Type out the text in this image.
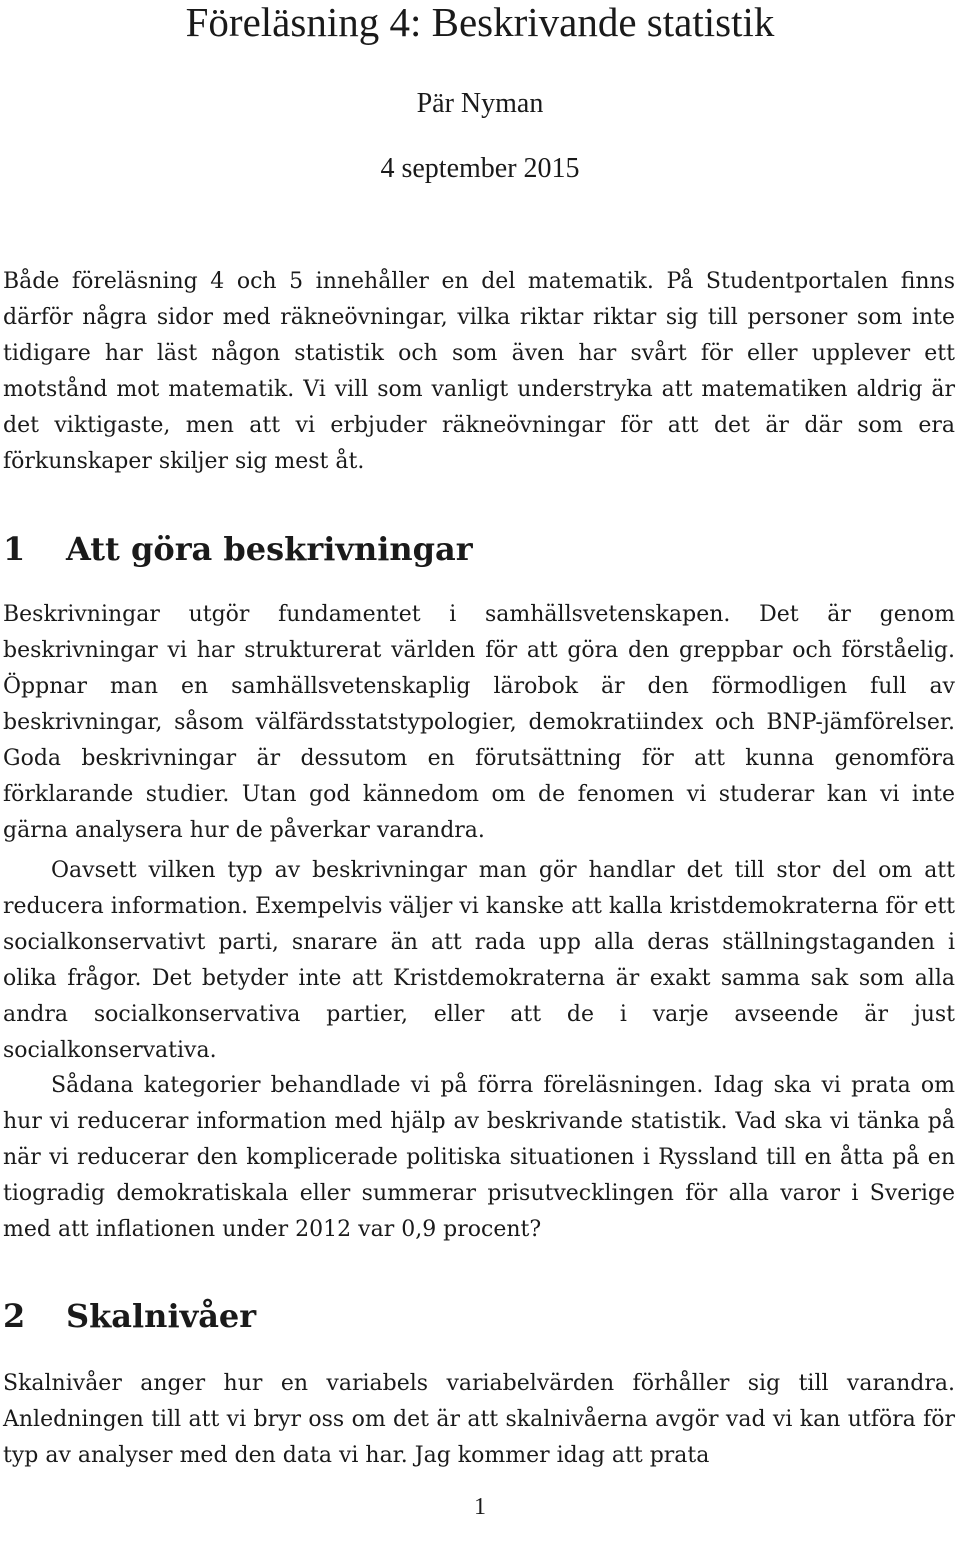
Föreläsning 4: Beskrivande statistik
Pär Nyman
4 september 2015

Både föreläsning 4 och 5 innehåller en del matematik. På Studentportalen finns därför några sidor med räkneövningar, vilka riktar riktar sig till personer som inte tidigare har läst någon statistik och som även har svårt för eller upplever ett motstånd mot matematik. Vi vill som vanligt understryka att matematiken aldrig är det viktigaste, men att vi erbjuder räkneövningar för att det är där som era förkunskaper skiljer sig mest åt.

1 Att göra beskrivningar

Beskrivningar utgör fundamentet i samhällsvetenskapen. Det är genom beskrivningar vi har strukturerat världen för att göra den greppbar och förståelig. Öppnar man en samhällsvetenskaplig lärobok är den förmodligen full av beskrivningar, såsom välfärdsstatstypologier, demokratiindex och BNP-jämförelser. Goda beskrivningar är dessutom en förutsättning för att kunna genomföra förklarande studier. Utan god kännedom om de fenomen vi studerar kan vi inte gärna analysera hur de påverkar varandra.

Oavsett vilken typ av beskrivningar man gör handlar det till stor del om att reducera information. Exempelvis väljer vi kanske att kalla kristdemokraterna för ett socialkonservativt parti, snarare än att rada upp alla deras ställningstaganden i olika frågor. Det betyder inte att Kristdemokraterna är exakt samma sak som alla andra socialkonservativa partier, eller att de i varje avseende är just socialkonservativa.

Sådana kategorier behandlade vi på förra föreläsningen. Idag ska vi prata om hur vi reducerar information med hjälp av beskrivande statistik. Vad ska vi tänka på när vi reducerar den komplicerade politiska situationen i Ryssland till en åtta på en tiogradig demokratiskala eller summerar prisutvecklingen för alla varor i Sverige med att inflationen under 2012 var 0,9 procent?

2 Skalnivåer

Skalnivåer anger hur en variabels variabelvärden förhåller sig till varandra. Anledningen till att vi bryr oss om det är att skalnivåerna avgör vad vi kan utföra för typ av analyser med den data vi har. Jag kommer idag att prata

1
